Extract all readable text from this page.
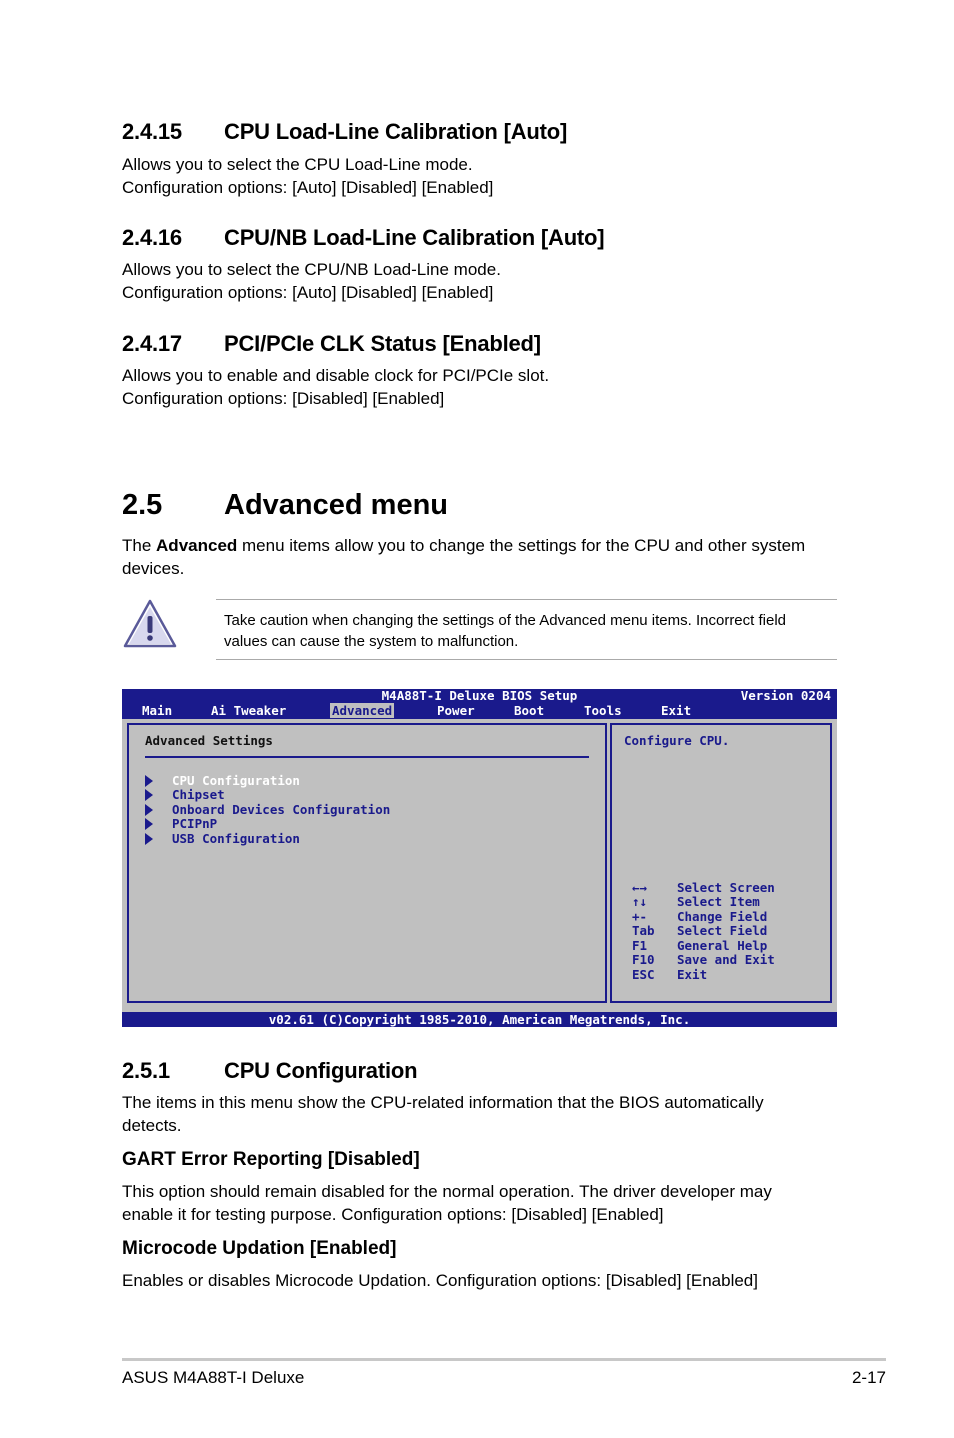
2.4.15 CPU Load-Line Calibration [Auto]
Allows you to select the CPU Load-Line mode.
Configuration options: [Auto] [Disabled] [Enabled]
2.4.16 CPU/NB Load-Line Calibration [Auto]
Allows you to select the CPU/NB Load-Line mode.
Configuration options: [Auto] [Disabled] [Enabled]
2.4.17 PCI/PCIe CLK Status [Enabled]
Allows you to enable and disable clock for PCI/PCIe slot.
Configuration options: [Disabled] [Enabled]
2.5 Advanced menu
The Advanced menu items allow you to change the settings for the CPU and other system
devices.
Take caution when changing the settings of the Advanced menu items. Incorrect field
values can cause the system to malfunction.
M4A88T-I Deluxe BIOS Setup	Version 0204
Main	Ai Tweaker	Advanced	Power	Boot	Tools	Exit
Advanced Settings
CPU Configuration
Chipset
Onboard Devices Configuration
PCIPnP
USB Configuration
Configure CPU.
←→ Select Screen
↑↓ Select Item
+- Change Field
Tab Select Field
F1 General Help
F10 Save and Exit
ESC Exit
v02.61 (C)Copyright 1985-2010, American Megatrends, Inc.
2.5.1 CPU Configuration
The items in this menu show the CPU-related information that the BIOS automatically
detects.
GART Error Reporting [Disabled]
This option should remain disabled for the normal operation. The driver developer may
enable it for testing purpose. Configuration options: [Disabled] [Enabled]
Microcode Updation [Enabled]
Enables or disables Microcode Updation. Configuration options: [Disabled] [Enabled]
ASUS M4A88T-I Deluxe	2-17
